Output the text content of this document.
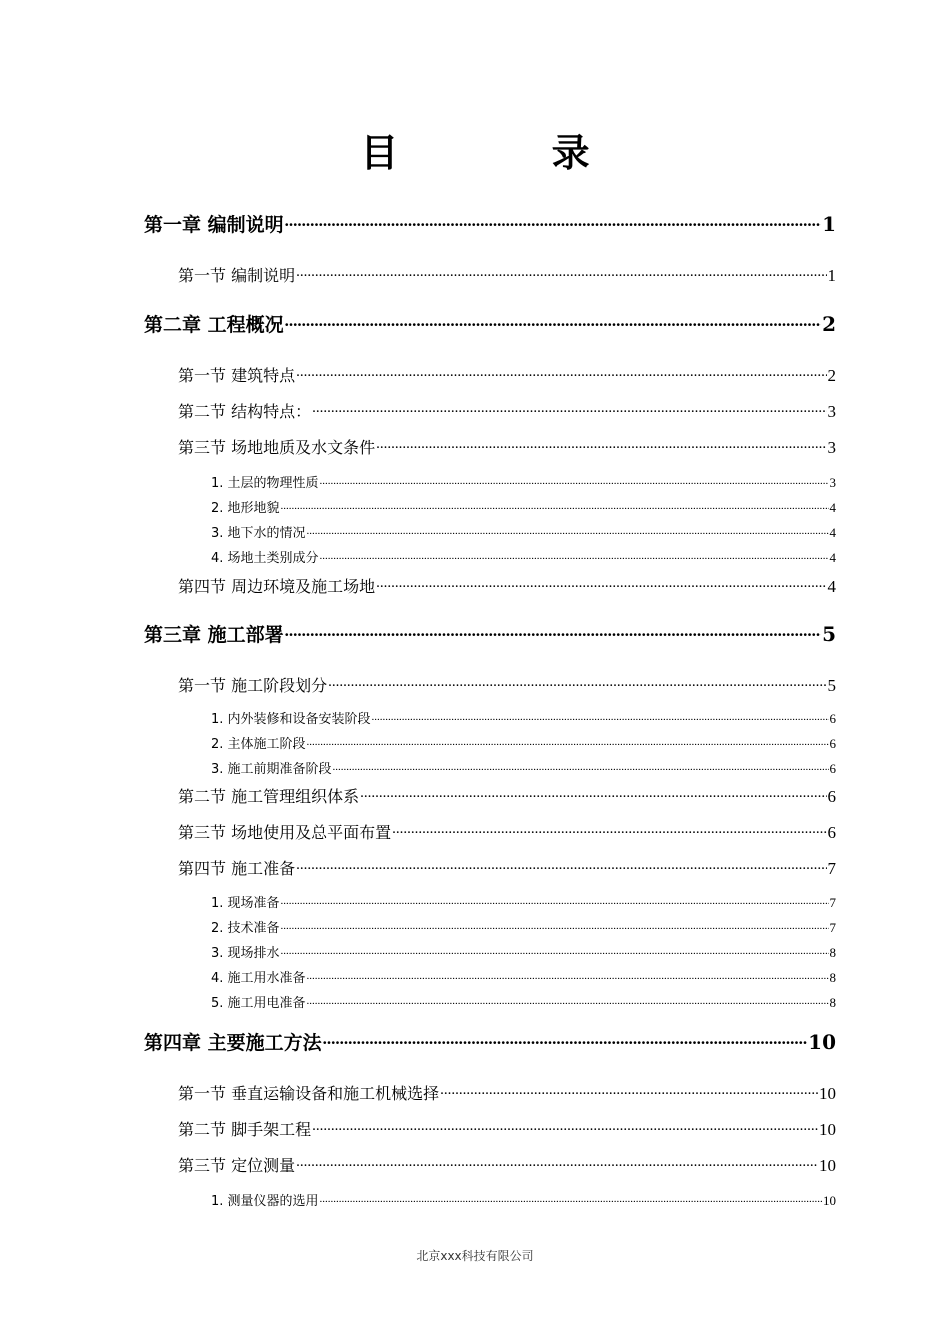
目 录
第一章 编制说明 .....	1
第一节 编制说明 .....	1
第二章 工程概况 .....	2
第一节 建筑特点 .....	2
第二节 结构特点： .....	3
第三节 场地地质及水文条件 .....	3
1. 土层的物理性质 .....	3
2. 地形地貌 .....	4
3. 地下水的情况 .....	4
4. 场地土类别成分 .....	4
第四节 周边环境及施工场地 .....	4
第三章 施工部署 .....	5
第一节 施工阶段划分 .....	5
1. 内外装修和设备安装阶段 .....	6
2. 主体施工阶段 .....	6
3. 施工前期准备阶段 .....	6
第二节 施工管理组织体系 .....	6
第三节 场地使用及总平面布置 .....	6
第四节 施工准备 .....	7
1. 现场准备 .....	7
2. 技术准备 .....	7
3. 现场排水 .....	8
4. 施工用水准备 .....	8
5. 施工用电准备 .....	8
第四章 主要施工方法 .....	10
第一节 垂直运输设备和施工机械选择 .....	10
第二节 脚手架工程 .....	10
第三节 定位测量 .....	10
1. 测量仪器的选用 .....	10
北京xxx科技有限公司
